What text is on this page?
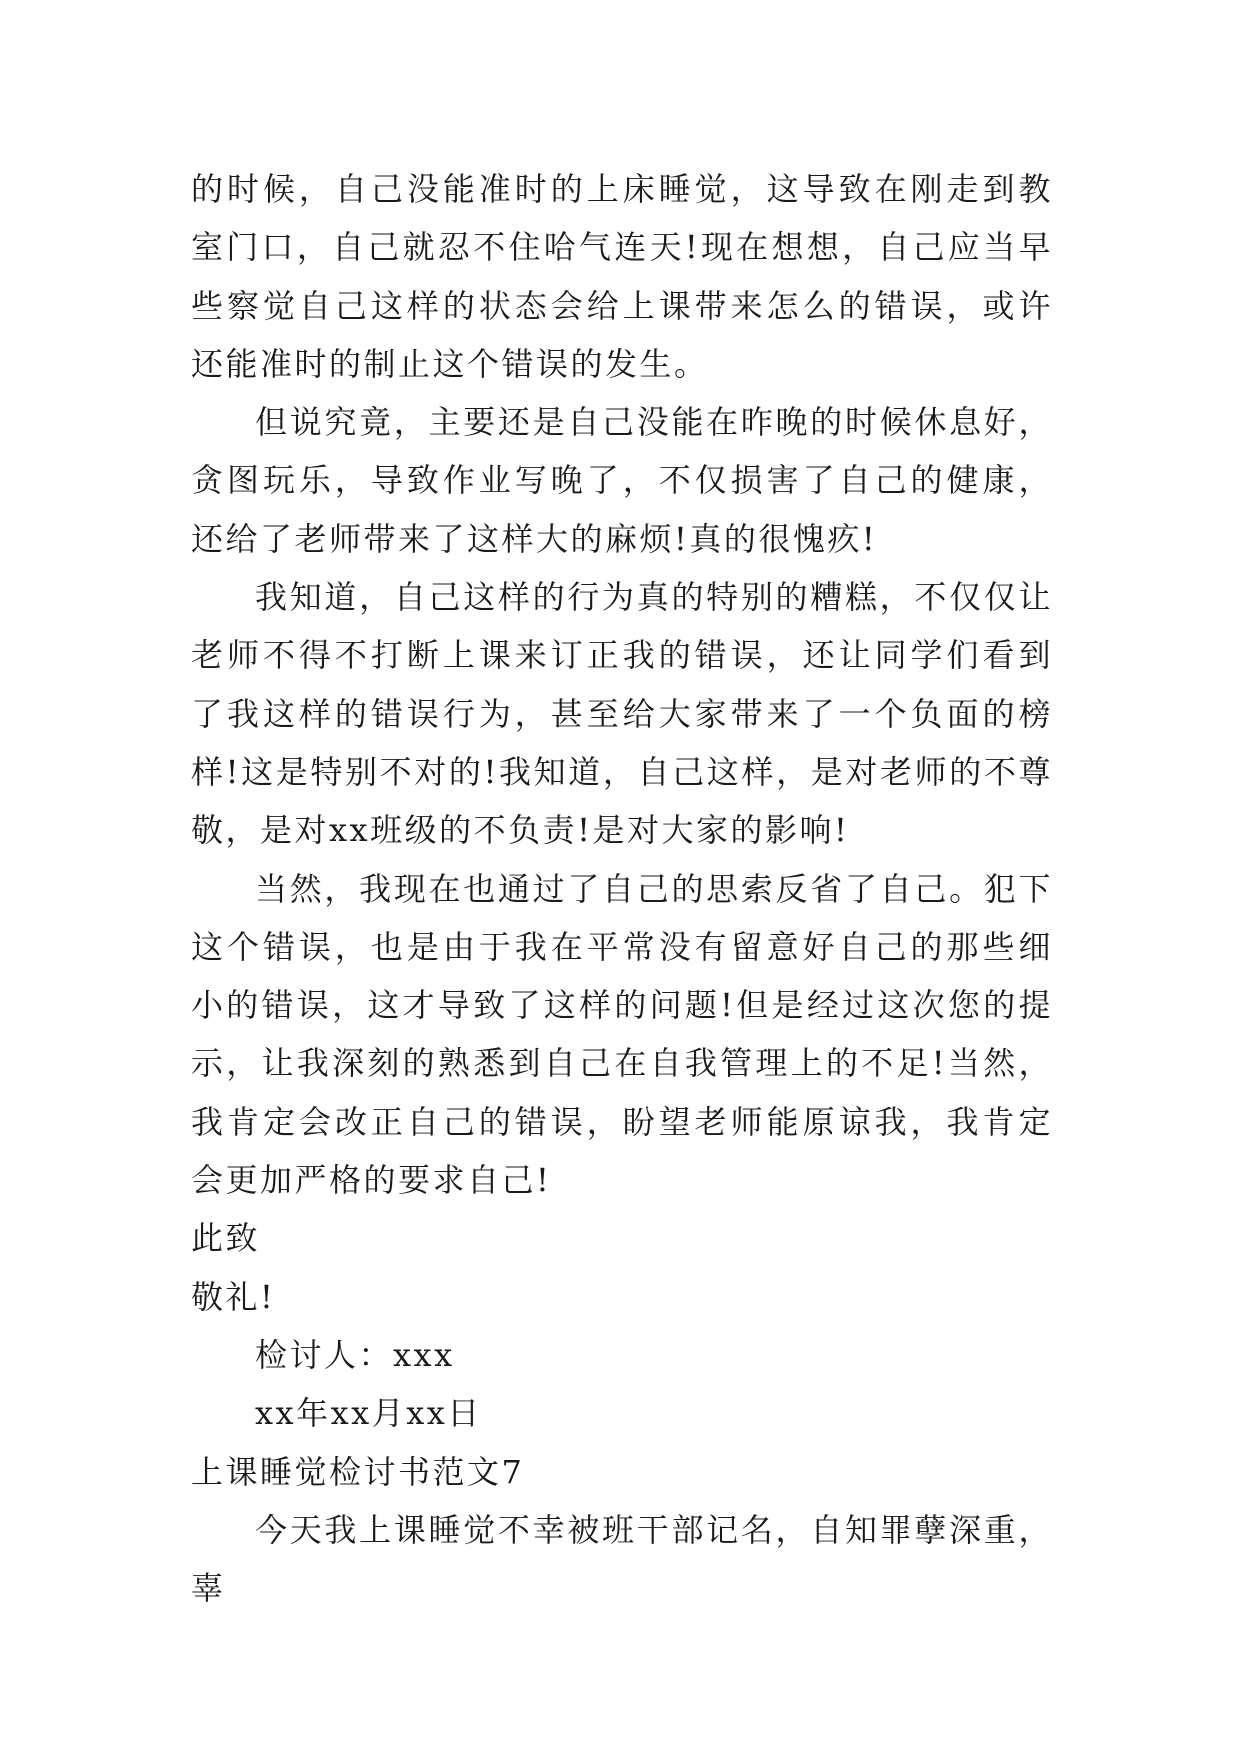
的时候，自己没能准时的上床睡觉，这导致在刚走到教室门口，自己就忍不住哈气连天!现在想想，自己应当早些察觉自己这样的状态会给上课带来怎么的错误，或许还能准时的制止这个错误的发生。

但说究竟，主要还是自己没能在昨晚的时候休息好，贪图玩乐，导致作业写晚了，不仅损害了自己的健康，还给了老师带来了这样大的麻烦!真的很愧疚!

我知道，自己这样的行为真的特别的糟糕，不仅仅让老师不得不打断上课来订正我的错误，还让同学们看到了我这样的错误行为，甚至给大家带来了一个负面的榜样!这是特别不对的!我知道，自己这样，是对老师的不尊敬，是对xx班级的不负责!是对大家的影响!

当然，我现在也通过了自己的思索反省了自己。犯下这个错误，也是由于我在平常没有留意好自己的那些细小的错误，这才导致了这样的问题!但是经过这次您的提示，让我深刻的熟悉到自己在自我管理上的不足!当然，我肯定会改正自己的错误，盼望老师能原谅我，我肯定会更加严格的要求自己!

此致

敬礼!

检讨人：xxx

xx年xx月xx日

上课睡觉检讨书范文7

今天我上课睡觉不幸被班干部记名，自知罪孽深重，辜
